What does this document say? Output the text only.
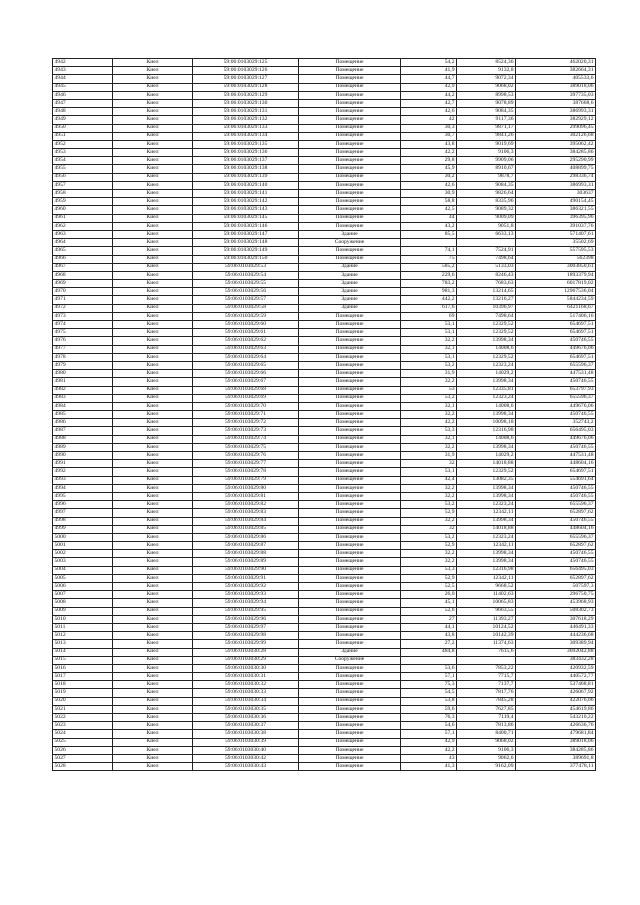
4942	Киел	59:06:0103029:125	Помещение	54,2	8524,36	462020,31
4943	Киел	59:06:0103029:126	Помещение	41,9	9132,8	382664,31
4944	Киел	59:06:0103029:127	Помещение	44,7	9072,34	405533,6
4945	Киел	59:06:0103029:128	Помещение	42,9	9068,02	389018,06
4946	Киел	59:06:0103029:129	Помещение	44,2	8998,53	397735,03
4947	Киел	59:06:0103029:130	Помещение	42,7	9078,89	387668,6
4948	Киел	59:06:0103029:131	Помещение	42,6	9084,35	386993,31
4949	Киел	59:06:0103029:132	Помещение	42	9117,36	382929,12
4950	Киел	59:06:0103029:133	Помещение	30,3	9871,17	299096,45
4951	Киел	59:06:0103029:134	Помещение	30,7	9841,26	302126,68
4952	Киел	59:06:0103029:135	Помещение	43,8	9019,69	395062,42
4953	Киел	59:06:0103029:136	Помещение	42,2	9106,3	384285,86
4954	Киел	59:06:0103029:137	Помещение	29,8	9909,06	295290,99
4955	Киел	59:06:0103029:138	Помещение	45,9	8910,67	408899,75
4956	Киел	59:06:0103029:139	Помещение	30,2	9878,7	298336,74
4957	Киел	59:06:0103029:140	Помещение	42,6	9084,35	386993,31
4958	Киел	59:06:0103029:141	Помещение	30,9	9826,64	303637
4959	Киел	59:06:0103029:142	Помещение	58,8	8335,96	490154,45
4960	Киел	59:06:0103029:143	Помещение	42,5	9089,32	386321,55
4961	Киел	59:06:0103029:145	Помещение	44	9009,09	396395,96
4962	Киел	59:06:0103029:146	Помещение	43,2	9051,8	391037,76
4963	Киел	59:06:0103029:147	Здание	85,5	6633,13	571407,61
4964	Киел	59:06:0103029:148	Сооружение			35502,69
4965	Киел	59:06:0103029:149	Помещение	74,1	7524,91	557595,53
4966	Киел	59:06:0103029:150	Помещение	75	7498,64	562398
4967	Киел	59:06:0103029:53	Здание	585,2	5133,03	3003850,61
4968	Киел	59:06:0103029:54	Здание	229,6	8246,43	1893379,94
4969	Киел	59:06:0103029:55	Здание	783,2	7683,63	6017819,02
4970	Киел	59:06:0103029:56	Здание	981,3	13214,65	12967536,04
4971	Киел	59:06:0103029:57	Здание	442,2	13216,27	5844234,59
4972	Киел	59:06:0103029:58	Здание	617,6	10396,97	6421168,67
4973	Киел	59:06:0103029:59	Помещение	69	7498,64	517406,16
4974	Киел	59:06:0103029:60	Помещение	53,1	12329,52	654697,51
4975	Киел	59:06:0103029:61	Помещение	53,1	12329,52	654697,51
4976	Киел	59:06:0103029:62	Помещение	32,2	13998,34	450746,55
4977	Киел	59:06:0103029:63	Помещение	32,1	14008,6	449676,06
4978	Киел	59:06:0103029:64	Помещение	53,1	12329,52	654697,51
4979	Киел	59:06:0103029:65	Помещение	53,2	12323,24	655596,37
4980	Киел	59:06:0103029:66	Помещение	31,9	14029,2	447531,48
4981	Киел	59:06:0103029:67	Помещение	32,2	13998,34	450746,55
4982	Киел	59:06:0103029:68	Помещение	53	12335,81	653797,93
4983	Киел	59:06:0103029:69	Помещение	53,2	12323,24	655596,37
4984	Киел	59:06:0103029:70	Помещение	32,1	14008,6	449676,06
4985	Киел	59:06:0103029:71	Помещение	32,2	13998,34	450746,55
4986	Киел	59:06:0103029:72	Помещение	42,2	10098,18	352743,2
4987	Киел	59:06:0103029:73	Помещение	53,3	12316,98	656495,03
4988	Киел	59:06:0103029:74	Помещение	32,1	14008,6	449676,06
4989	Киел	59:06:0103029:75	Помещение	32,2	13998,34	450746,55
4990	Киел	59:06:0103029:76	Помещение	31,9	14029,2	447531,48
4991	Киел	59:06:0103029:77	Помещение	32	14018,88	448604,16
4992	Киел	59:06:0103029:78	Помещение	53,1	12329,52	654697,51
4993	Киел	59:06:0103029:79	Помещение	42,4	13082,35	554691,64
4994	Киел	59:06:0103029:80	Помещение	32,2	13998,34	450746,55
4995	Киел	59:06:0103029:81	Помещение	32,2	13998,34	450746,55
4996	Киел	59:06:0103029:82	Помещение	53,2	12323,24	655596,37
4997	Киел	59:06:0103029:83	Помещение	52,9	12342,11	652897,62
4998	Киел	59:06:0103029:84	Помещение	32,2	13998,34	450746,55
4999	Киел	59:06:0103029:85	Помещение	32	14018,88	448604,16
5000	Киел	59:06:0103029:86	Помещение	53,2	12323,24	655596,37
5001	Киел	59:06:0103029:87	Помещение	52,9	12342,11	652897,62
5002	Киел	59:06:0103029:88	Помещение	32,2	13998,34	450746,55
5003	Киел	59:06:0103029:89	Помещение	32,2	13998,34	450746,55
5004	Киел	59:06:0103029:90	Помещение	53,3	12316,98	656495,03
5005	Киел	59:06:0103029:91	Помещение	52,9	12342,11	652897,62
5006	Киел	59:06:0103029:92	Помещение	52,5	9668,52	507597,3
5007	Киел	59:06:0103029:93	Помещение	26,0	11402,63	296750,75
5008	Киел	59:06:0103029:94	Помещение	45,1	10065,83	453968,93
5009	Киел	59:06:0103029:95	Помещение	52,6	9663,55	508302,73
5010	Киел	59:06:0103029:96	Помещение	27	11393,27	307618,29
5011	Киел	59:06:0103029:97	Помещение	44,1	10124,52	446491,33
5012	Киел	59:06:0103029:98	Помещение	43,8	10142,39	444236,68
5013	Киел	59:06:0103029:99	Помещение	27,2	11374,63	309389,94
5014	Киел	59:06:0103030:28	Здание	484,8	7615,6	3692042,88
5015	Киел	59:06:0103030:29	Сооружение			383432,28
5016	Киел	59:06:0103030:30	Помещение	53,6	7853,22	420932,59
5017	Киел	59:06:0103030:31	Помещение	57,1	7715,7	440572,77
5018	Киел	59:06:0103030:32	Помещение	75,3	7137,7	537468,81
5019	Киел	59:06:0103030:33	Помещение	54,5	7817,76	426067,92
5020	Киел	59:06:0103030:34	Помещение	53,8	7845,28	422076,06
5021	Киел	59:06:0103030:35	Помещение	59,6	7627,85	454619,86
5022	Киел	59:06:0103030:36	Помещение	76,3	7119,4	543210,22
5023	Киел	59:06:0103030:37	Помещение	54,6	7813,86	426636,76
5024	Киел	59:06:0103030:38	Помещение	57,1	8400,71	479681,84
5025	Киел	59:06:0103030:39	Помещение	42,9	9068,02	389018,06
5026	Киел	59:06:0103030:40	Помещение	42,2	9106,3	384285,86
5027	Киел	59:06:0103030:42	Помещение	43	9062,6	389691,8
5028	Киел	59:06:0103030:43	Помещение	41,3	9162,09	377478,11
